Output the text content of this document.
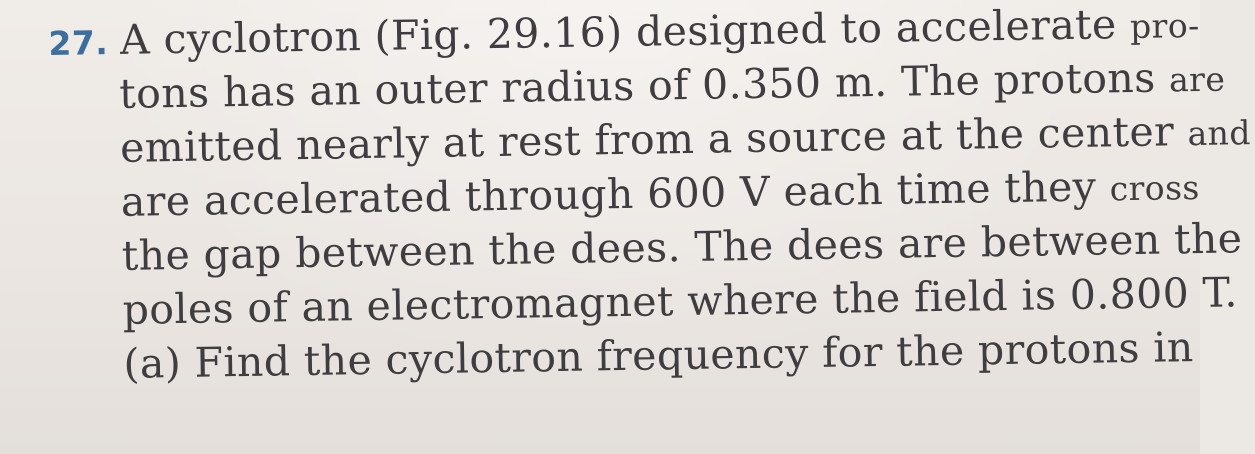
27. A cyclotron (Fig. 29.16) designed to accelerate pro-
tons has an outer radius of 0.350 m. The protons are
emitted nearly at rest from a source at the center and
are accelerated through 600 V each time they cross
the gap between the dees. The dees are between the
poles of an electromagnet where the field is 0.800 T.
(a) Find the cyclotron frequency for the protons in
